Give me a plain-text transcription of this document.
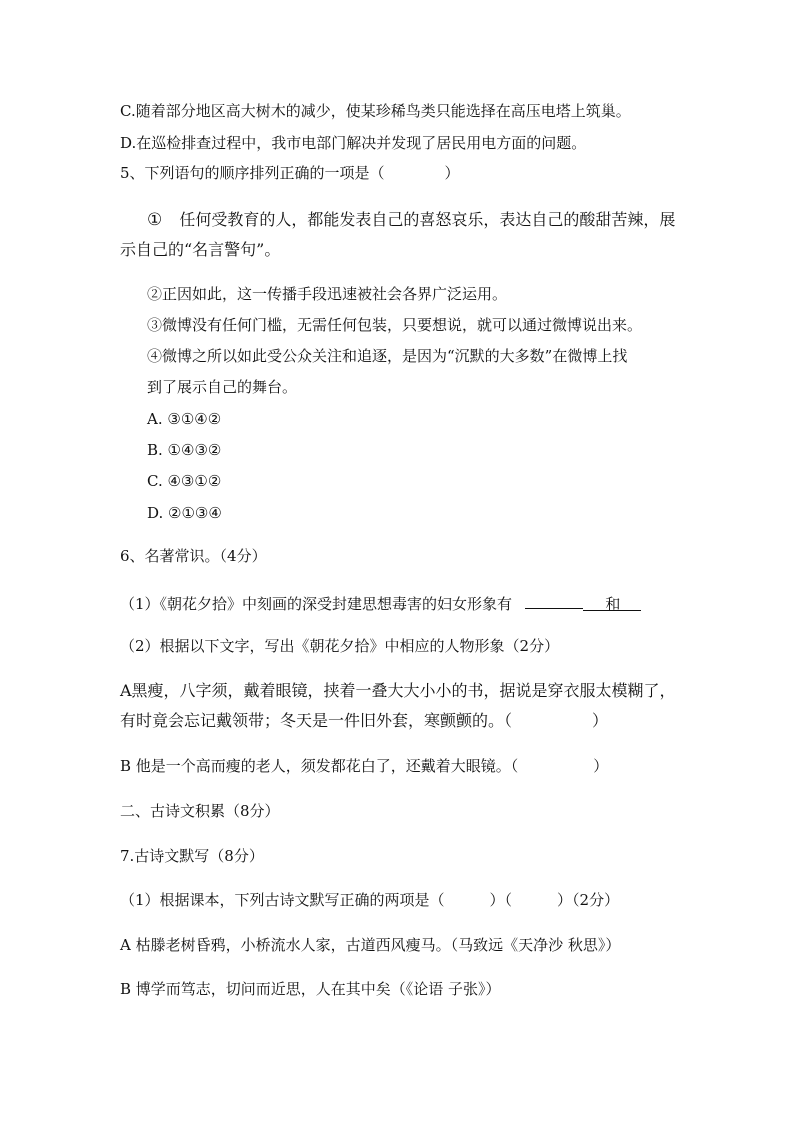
C.随着部分地区高大树木的减少，使某珍稀鸟类只能选择在高压电塔上筑巢。
D.在巡检排查过程中，我市电部门解决并发现了居民用电方面的问题。
5、下列语句的顺序排列正确的一项是（　　　　）
① 任何受教育的人，都能发表自己的喜怒哀乐，表达自己的酸甜苦辣，展
示自己的“名言警句”。
②正因如此，这一传播手段迅速被社会各界广泛运用。
③微博没有任何门槛，无需任何包装，只要想说，就可以通过微博说出来。
④微博之所以如此受公众关注和追逐，是因为“沉默的大多数”在微博上找
到了展示自己的舞台。
A. ③①④②
B. ①④③②
C. ④③①②
D. ②①③④
6、名著常识。（4分）
（1）《朝花夕拾》中刻画的深受封建思想毒害的妇女形象有	和
（2）根据以下文字，写出《朝花夕拾》中相应的人物形象（2分）
A黑瘦，八字须，戴着眼镜，挟着一叠大大小小的书，据说是穿衣服太模糊了，
有时竟会忘记戴领带；冬天是一件旧外套，寒颤颤的。（　　　　　）
B 他是一个高而瘦的老人，须发都花白了，还戴着大眼镜。（　　　　　）
二、古诗文积累（8分）
7.古诗文默写（8分）
（1）根据课本，下列古诗文默写正确的两项是（　　　）（　　　）（2分）
A 枯滕老树昏鸦，小桥流水人家，古道西风瘦马。（马致远《天净沙 秋思》）
B 博学而笃志，切问而近思，人在其中矣（《论语 子张》）
